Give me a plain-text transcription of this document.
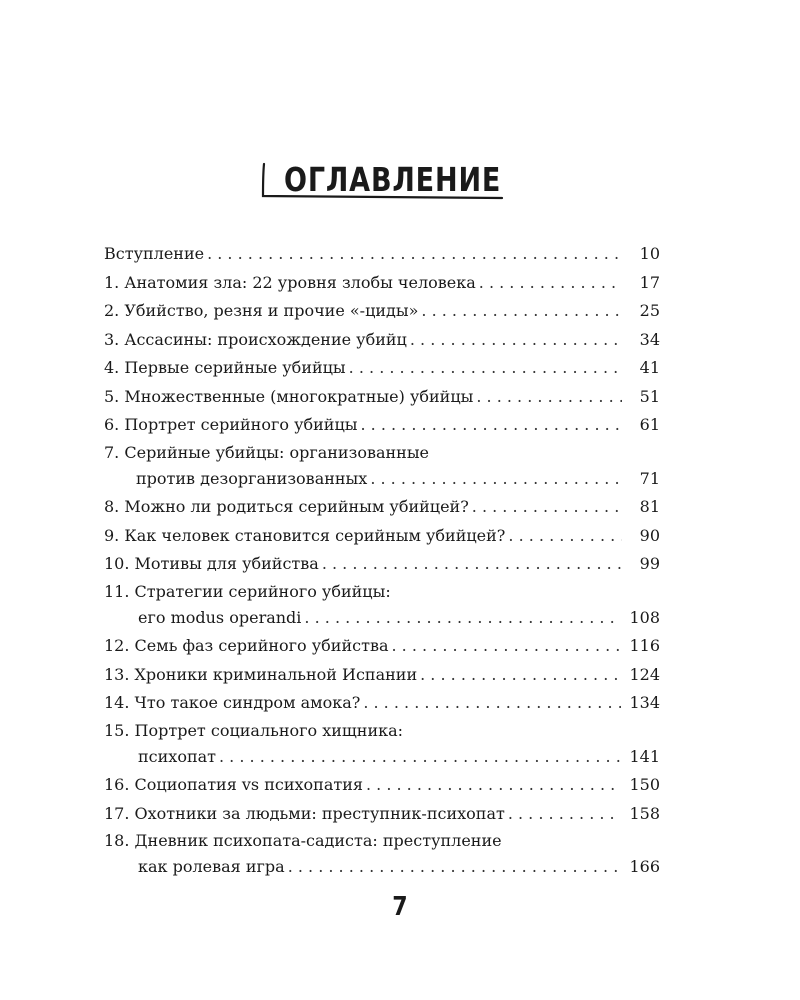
ОГЛАВЛЕНИЕ
Вступление . . .	10
1. Анатомия зла: 22 уровня злобы человека . . .	17
2. Убийство, резня и прочие «-циды» . . .	25
3. Ассасины: происхождение убийц . . .	34
4. Первые серийные убийцы . . .	41
5. Множественные (многократные) убийцы . . .	51
6. Портрет серийного убийцы . . .	61
7. Серийные убийцы: организованные
против дезорганизованных . . .	71
8. Можно ли родиться серийным убийцей? . . .	81
9. Как человек становится серийным убийцей? . . .	90
10. Мотивы для убийства . . .	99
11. Стратегии серийного убийцы:
его modus operandi . . .	108
12. Семь фаз серийного убийства . . .	116
13. Хроники криминальной Испании . . .	124
14. Что такое синдром амока? . . .	134
15. Портрет социального хищника:
психопат . . .	141
16. Социопатия vs психопатия . . .	150
17. Охотники за людьми: преступник-психопат . . .	158
18. Дневник психопата-садиста: преступление
как ролевая игра . . .	166
7
